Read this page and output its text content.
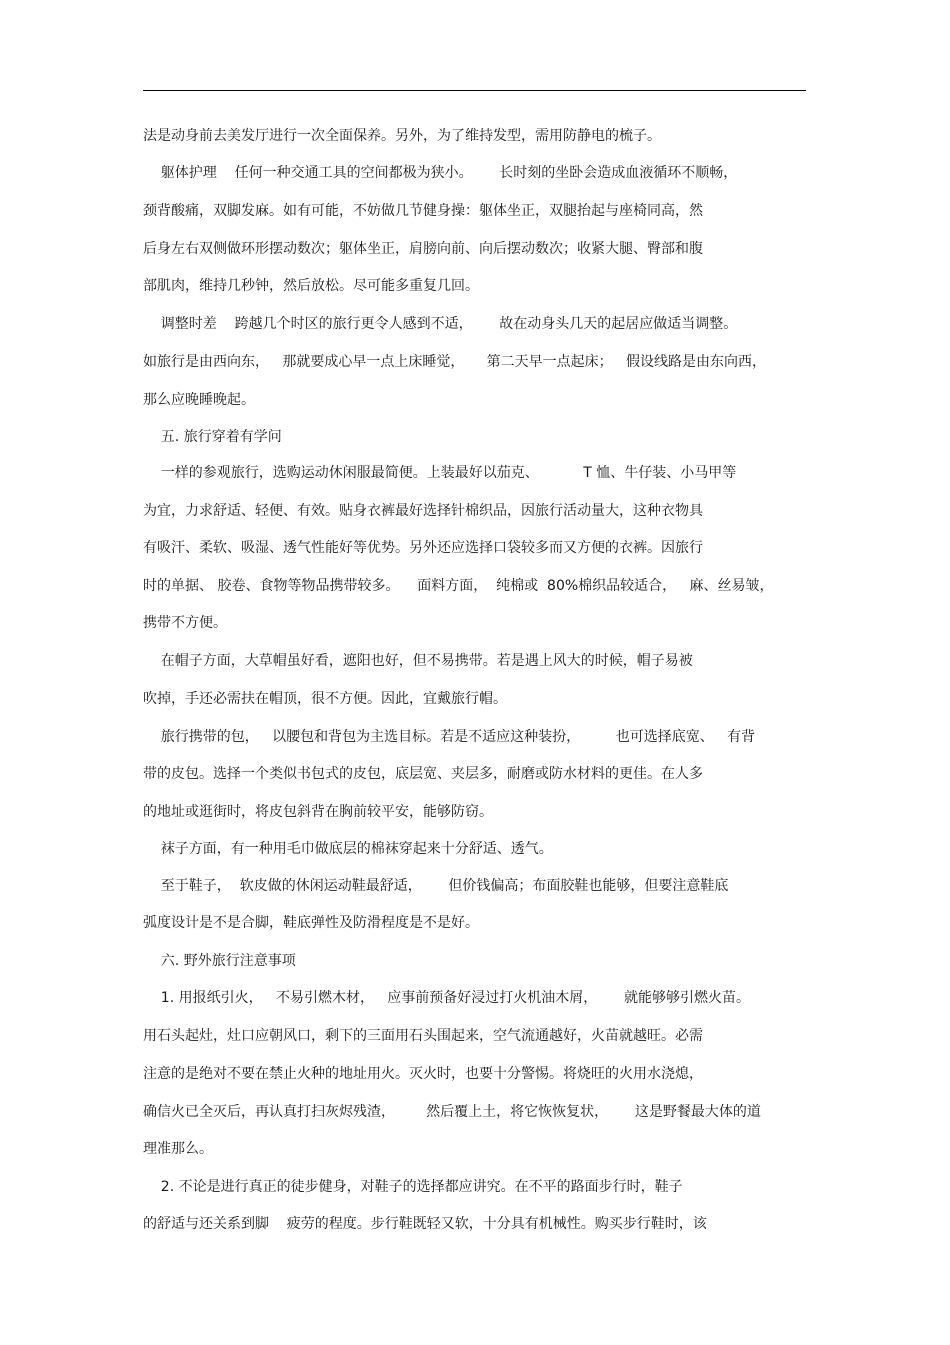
法是动身前去美发厅进行一次全面保养。另外，为了维持发型，需用防静电的梳子。
躯体护理    任何一种交通工具的空间都极为狭小。      长时刻的坐卧会造成血液循环不顺畅，
颈背酸痛，双脚发麻。如有可能，不妨做几节健身操：躯体坐正，双腿抬起与座椅同高，然
后身左右双侧做环形摆动数次；躯体坐正，肩膀向前、向后摆动数次；收紧大腿、臀部和腹
部肌肉，维持几秒钟，然后放松。尽可能多重复几回。
调整时差    跨越几个时区的旅行更令人感到不适，      故在动身头几天的起居应做适当调整。
如旅行是由西向东，   那就要成心早一点上床睡觉，     第二天早一点起床；   假设线路是由东向西，
那么应晚睡晚起。
五. 旅行穿着有学问
一样的参观旅行，选购运动休闲服最简便。上装最好以茄克、          T 恤、牛仔装、小马甲等
为宜，力求舒适、轻便、有效。贴身衣裤最好选择针棉织品，因旅行活动量大，这种衣物具
有吸汗、柔软、吸湿、透气性能好等优势。另外还应选择口袋较多而又方便的衣裤。因旅行
时的单据、 胶卷、食物等物品携带较多。    面料方面，  纯棉或  80%棉织品较适合，   麻、丝易皱，
携带不方便。
在帽子方面，大草帽虽好看，遮阳也好，但不易携带。若是遇上风大的时候，帽子易被
吹掉，手还必需扶在帽顶，很不方便。因此，宜戴旅行帽。
旅行携带的包，   以腰包和背包为主选目标。若是不适应这种装扮，        也可选择底宽、   有背
带的皮包。选择一个类似书包式的皮包，底层宽、夹层多，耐磨或防水材料的更佳。在人多
的地址或逛街时，将皮包斜背在胸前较平安，能够防窃。
袜子方面，有一种用毛巾做底层的棉袜穿起来十分舒适、透气。
至于鞋子，  软皮做的休闲运动鞋最舒适，      但价钱偏高；布面胶鞋也能够，但要注意鞋底
弧度设计是不是合脚，鞋底弹性及防滑程度是不是好。
六. 野外旅行注意事项
1. 用报纸引火，   不易引燃木材，   应事前预备好浸过打火机油木屑，      就能够够引燃火苗。
用石头起灶，灶口应朝风口，剩下的三面用石头围起来，空气流通越好，火苗就越旺。必需
注意的是绝对不要在禁止火种的地址用火。灭火时，也要十分警惕。将烧旺的火用水浇熄，
确信火已全灭后，再认真打扫灰烬残渣，       然后覆上土，将它恢恢复状，      这是野餐最大体的道
理准那么。
2. 不论是进行真正的徒步健身，对鞋子的选择都应讲究。在不平的路面步行时，鞋子
的舒适与还关系到脚    疲劳的程度。步行鞋既轻又软，十分具有机械性。购买步行鞋时，该
